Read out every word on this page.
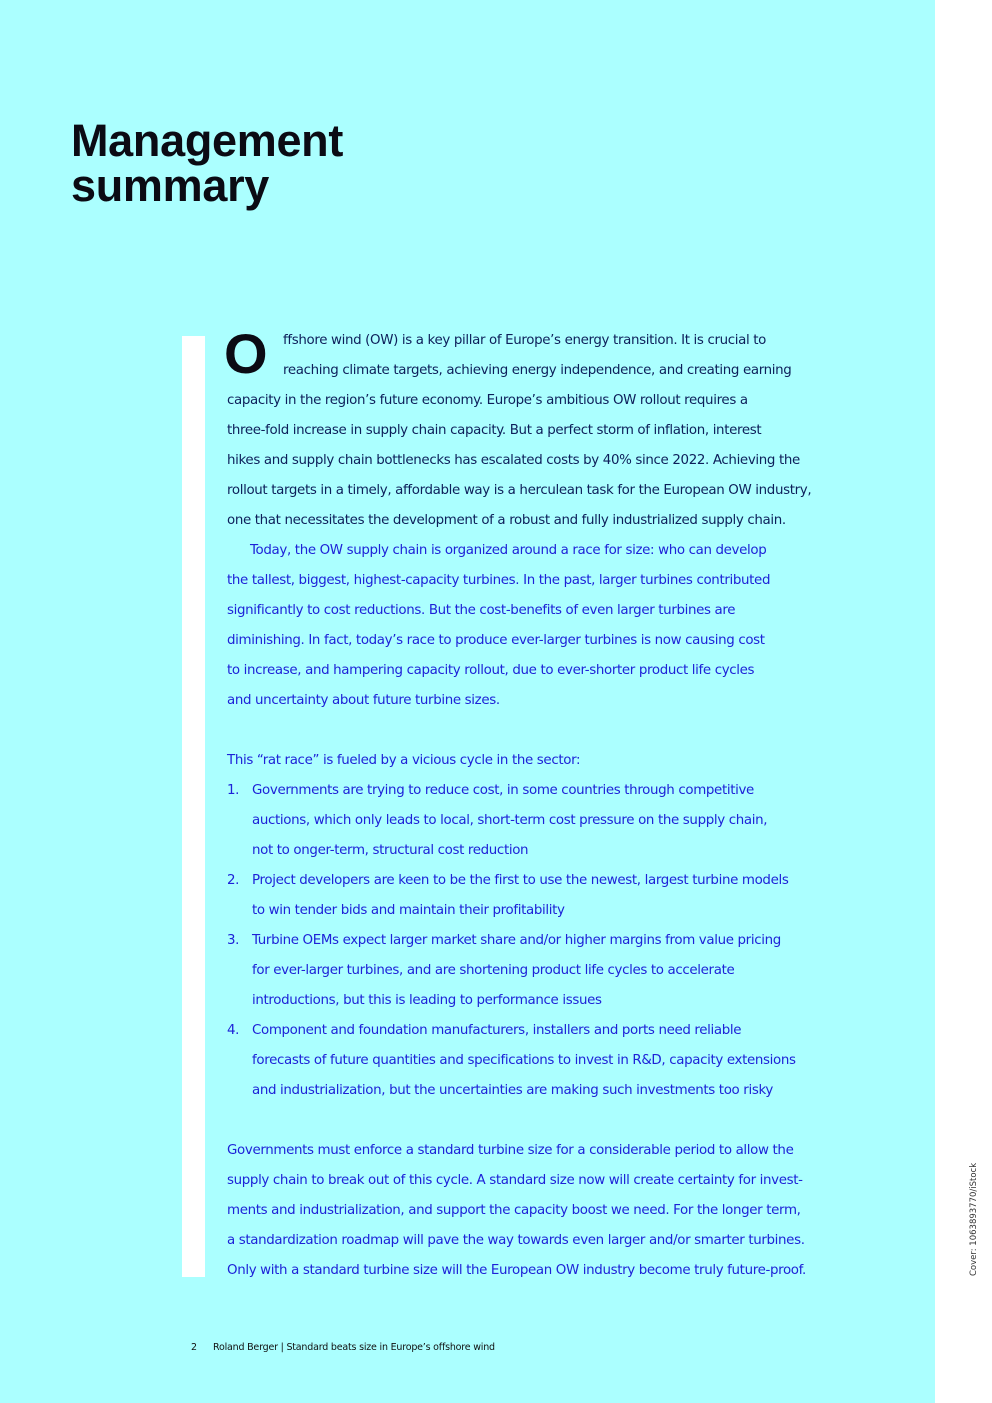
Management
summary
O	ffshore wind (OW) is a key pillar of Europe’s energy transition. It is crucial to
reaching climate targets, achieving energy independence, and creating earning
capacity in the region’s future economy. Europe’s ambitious OW rollout requires a
three-fold increase in supply chain capacity. But a perfect storm of inflation, interest
hikes and supply chain bottlenecks has escalated costs by 40% since 2022. Achieving the
rollout targets in a timely, affordable way is a herculean task for the European OW industry,
one that necessitates the development of a robust and fully industrialized supply chain.
Today, the OW supply chain is organized around a race for size: who can develop
the tallest, biggest, highest-capacity turbines. In the past, larger turbines contributed
significantly to cost reductions. But the cost-benefits of even larger turbines are
diminishing. In fact, today’s race to produce ever-larger turbines is now causing cost
to increase, and hampering capacity rollout, due to ever-shorter product life cycles
and uncertainty about future turbine sizes.
This “rat race” is fueled by a vicious cycle in the sector:
1. Governments are trying to reduce cost, in some countries through competitive
auctions, which only leads to local, short-term cost pressure on the supply chain,
not to onger-term, structural cost reduction
2. Project developers are keen to be the first to use the newest, largest turbine models
to win tender bids and maintain their profitability
3. Turbine OEMs expect larger market share and/or higher margins from value pricing
for ever-larger turbines, and are shortening product life cycles to accelerate
introductions, but this is leading to performance issues
4. Component and foundation manufacturers, installers and ports need reliable
forecasts of future quantities and specifications to invest in R&D, capacity extensions
and industrialization, but the uncertainties are making such investments too risky
Governments must enforce a standard turbine size for a considerable period to allow the
supply chain to break out of this cycle. A standard size now will create certainty for invest-
ments and industrialization, and support the capacity boost we need. For the longer term,
a standardization roadmap will pave the way towards even larger and/or smarter turbines.
Only with a standard turbine size will the European OW industry become truly future-proof.
2 Roland Berger | Standard beats size in Europe’s offshore wind
Cover: 1063893770/iStock
